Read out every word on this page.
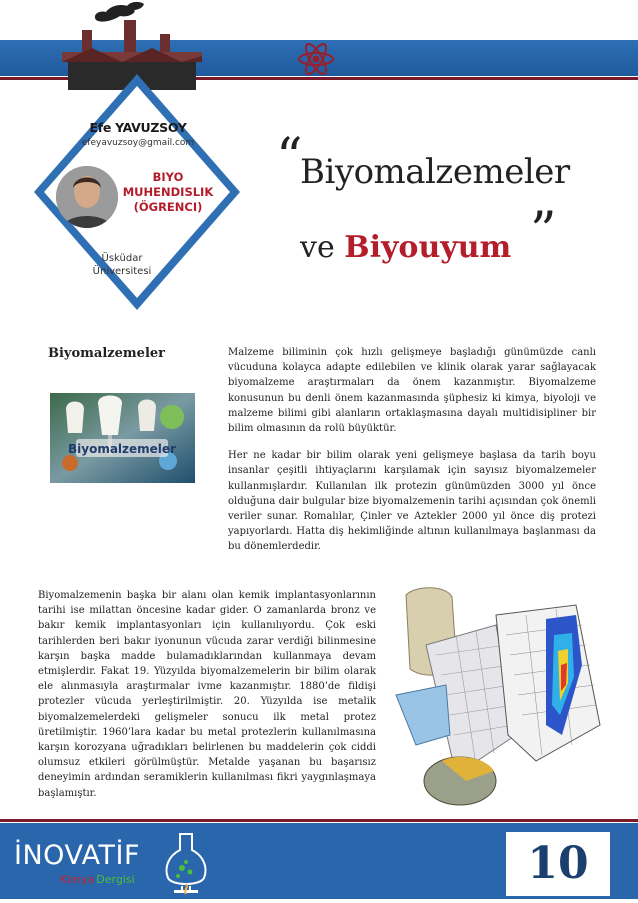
Efe YAVUZSOY
efeyavuzsoy@gmail.com
BIYO
MUHENDISLIK
(ÖGRENCI)
Üsküdar
Üniversitesi
“
Biyomalzemeler
ve Biyouyum ”
Biyomalzemeler
Biyomalzemeler

Malzeme biliminin çok hızlı gelişmeye başladığı günümüzde canlı vücuduna kolayca adapte edilebilen ve klinik olarak yarar sağlayacak biyomalzeme araştırmaları da önem kazanmıştır. Biyomalzeme konusunun bu denli önem kazanmasında şüphesiz ki kimya, biyoloji ve malzeme bilimi gibi alanların ortaklaşmasına dayalı multidisipliner bir bilim olmasının da rolü büyüktür.

Her ne kadar bir bilim olarak yeni gelişmeye başlasa da tarih boyu insanlar çeşitli ihtiyaçlarını karşılamak için sayısız biyomalzemeler kullanmışlardır. Kullanılan ilk protezin günümüzden 3000 yıl önce olduğuna dair bulgular bize biyomalzemenin tarihi açısından çok önemli veriler sunar. Romalılar, Çinler ve Aztekler 2000 yıl önce diş protezi yapıyorlardı. Hatta diş hekimliğinde altının kullanılmaya başlanması da bu dönemlerdedir.

Biyomalzemenin başka bir alanı olan kemik implantasyonlarının tarihi ise milattan öncesine kadar gider. O zamanlarda bronz ve bakır kemik implantasyonları için kullanılıyordu. Çok eski tarihlerden beri bakır iyonunun vücuda zarar verdiği bilinmesine karşın başka madde bulamadıklarından kullanmaya devam etmişlerdir. Fakat 19. Yüzyılda biyomalzemelerin bir bilim olarak ele alınmasıyla araştırmalar ivme kazanmıştır. 1880’de fildişi protezler vücuda yerleştirilmiştir. 20. Yüzyılda ise metalik biyomalzemelerdeki gelişmeler sonucu ilk metal protez üretilmiştir. 1960’lara kadar bu metal protezlerin kullanılmasına karşın korozyana uğradıkları belirlenen bu maddelerin çok ciddi olumsuz etkileri görülmüştür. Metalde yaşanan bu başarısız deneyimin ardından seramiklerin kullanılması fikri yaygınlaşmaya başlamıştır.

İNOVATİF
Kimya Dergisi	10
